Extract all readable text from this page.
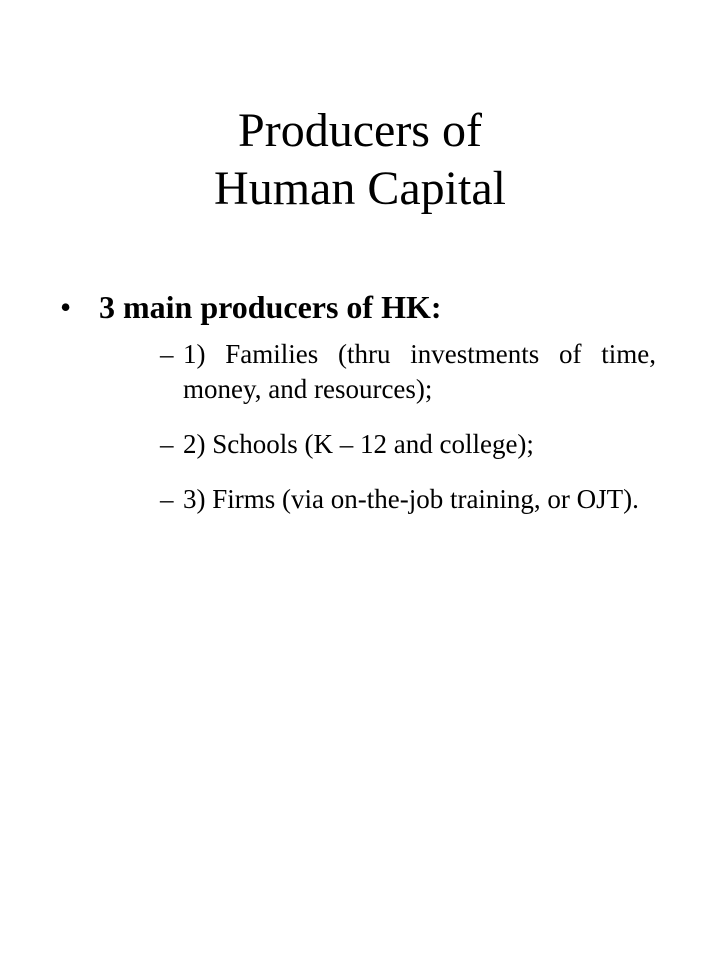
Producers of
Human Capital
• 3 main producers of HK:
– 1) Families (thru investments of time, money, and resources);
– 2) Schools (K – 12 and college);
– 3) Firms (via on-the-job training, or OJT).
